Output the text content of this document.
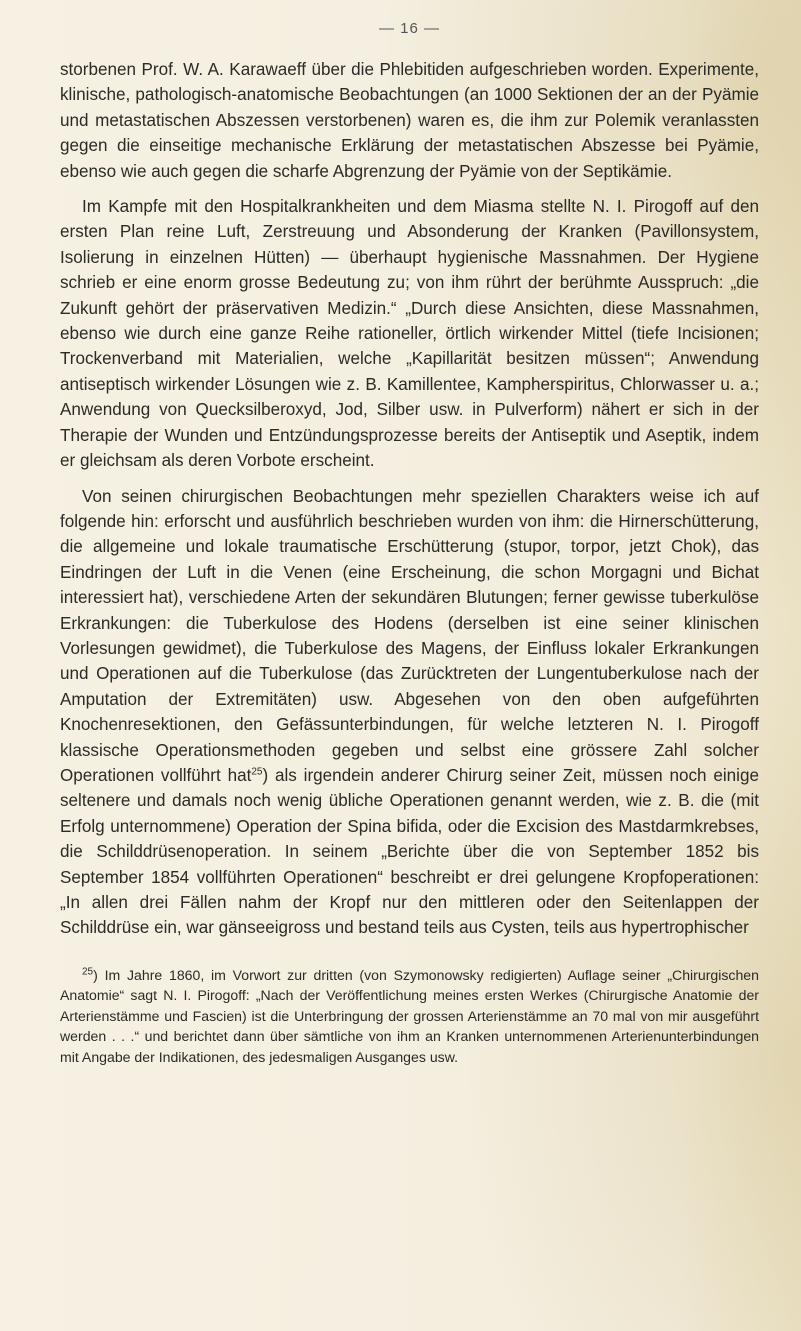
— 16 —

storbenen Prof. W. A. Karawaeff über die Phlebitiden aufgeschrieben worden. Experimente, klinische, pathologisch-anatomische Beobachtungen (an 1000 Sektionen der an der Pyämie und metastatischen Abszessen verstorbenen) waren es, die ihm zur Polemik veranlassten gegen die einseitige mechanische Erklärung der metastatischen Abszesse bei Pyämie, ebenso wie auch gegen die scharfe Abgrenzung der Pyämie von der Septikämie.

Im Kampfe mit den Hospitalkrankheiten und dem Miasma stellte N. I. Pirogoff auf den ersten Plan reine Luft, Zerstreuung und Absonderung der Kranken (Pavillonsystem, Isolierung in einzelnen Hütten) — überhaupt hygienische Massnahmen. Der Hygiene schrieb er eine enorm grosse Bedeutung zu; von ihm rührt der berühmte Ausspruch: „die Zukunft gehört der präservativen Medizin.“ „Durch diese Ansichten, diese Massnahmen, ebenso wie durch eine ganze Reihe rationeller, örtlich wirkender Mittel (tiefe Incisionen; Trockenverband mit Materialien, welche „Kapillarität besitzen müssen“; Anwendung antiseptisch wirkender Lösungen wie z. B. Kamillentee, Kampherspiritus, Chlorwasser u. a.; Anwendung von Quecksilberoxyd, Jod, Silber usw. in Pulverform) nähert er sich in der Therapie der Wunden und Entzündungsprozesse bereits der Antiseptik und Aseptik, indem er gleichsam als deren Vorbote erscheint.

Von seinen chirurgischen Beobachtungen mehr speziellen Charakters weise ich auf folgende hin: erforscht und ausführlich beschrieben wurden von ihm: die Hirnerschütterung, die allgemeine und lokale traumatische Erschütterung (stupor, torpor, jetzt Chok), das Eindringen der Luft in die Venen (eine Erscheinung, die schon Morgagni und Bichat interessiert hat), verschiedene Arten der sekundären Blutungen; ferner gewisse tuberkulöse Erkrankungen: die Tuberkulose des Hodens (derselben ist eine seiner klinischen Vorlesungen gewidmet), die Tuberkulose des Magens, der Einfluss lokaler Erkrankungen und Operationen auf die Tuberkulose (das Zurücktreten der Lungentuberkulose nach der Amputation der Extremitäten) usw. Abgesehen von den oben aufgeführten Knochenresektionen, den Gefässunterbindungen, für welche letzteren N. I. Pirogoff klassische Operationsmethoden gegeben und selbst eine grössere Zahl solcher Operationen vollführt hat$^{25}$) als irgendein anderer Chirurg seiner Zeit, müssen noch einige seltenere und damals noch wenig übliche Operationen genannt werden, wie z. B. die (mit Erfolg unternommene) Operation der Spina bifida, oder die Excision des Mastdarmkrebses, die Schilddrüsenoperation. In seinem „Berichte über die von September 1852 bis September 1854 vollführten Operationen“ beschreibt er drei gelungene Kropfoperationen: „In allen drei Fällen nahm der Kropf nur den mittleren oder den Seitenlappen der Schilddrüse ein, war gänseeigross und bestand teils aus Cysten, teils aus hypertrophischer

$^{25}$) Im Jahre 1860, im Vorwort zur dritten (von Szymonowsky redigierten) Auflage seiner „Chirurgischen Anatomie“ sagt N. I. Pirogoff: „Nach der Veröffentlichung meines ersten Werkes (Chirurgische Anatomie der Arterienstämme und Fascien) ist die Unterbringung der grossen Arterienstämme an 70 mal von mir ausgeführt werden . . .“ und berichtet dann über sämtliche von ihm an Kranken unternommenen Arterienunterbindungen mit Angabe der Indikationen, des jedesmaligen Ausganges usw.
